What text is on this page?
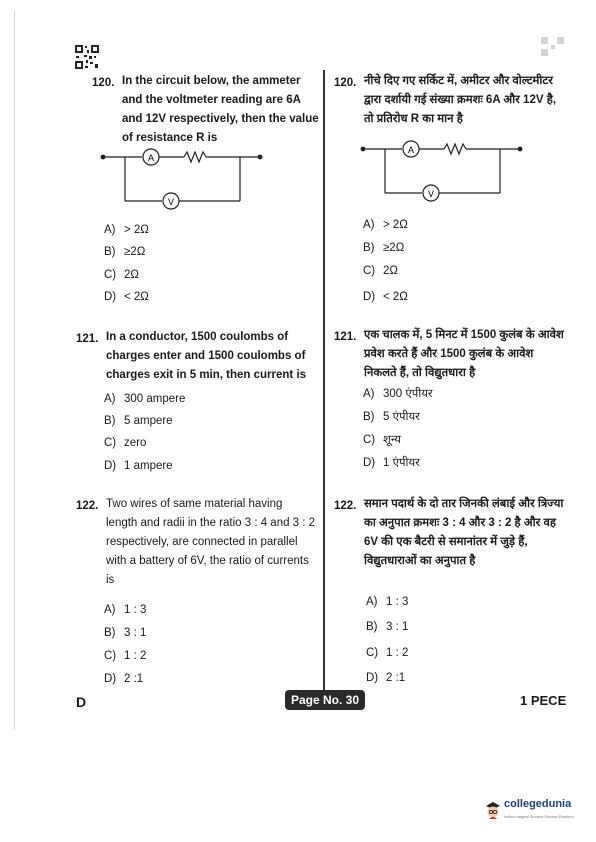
120. In the circuit below, the ammeter and the voltmeter reading are 6A and 12V respectively, then the value of resistance R is
A
V
A) > 2Ω
B) ≥2Ω
C) 2Ω
D) < 2Ω
121. In a conductor, 1500 coulombs of charges enter and 1500 coulombs of charges exit in 5 min, then current is
A) 300 ampere
B) 5 ampere
C) zero
D) 1 ampere
122. Two wires of same material having length and radii in the ratio 3 : 4 and 3 : 2 respectively, are connected in parallel with a battery of 6V, the ratio of currents is
A) 1 : 3
B) 3 : 1
C) 1 : 2
D) 2 :1
120. नीचे दिए गए सर्किट में, अमीटर और वोल्टमीटर द्वारा दर्शायी गई संख्या क्रमशः 6A और 12V है, तो प्रतिरोध R का मान है
A
V
A) > 2Ω
B) ≥2Ω
C) 2Ω
D) < 2Ω
121. एक चालक में, 5 मिनट में 1500 कुलंब के आवेश प्रवेश करते हैं और 1500 कुलंब के आवेश निकलते हैं, तो विद्युतधारा है
A) 300 एंपीयर
B) 5 एंपीयर
C) शून्य
D) 1 एंपीयर
122. समान पदार्थ के दो तार जिनकी लंबाई और त्रिज्या का अनुपात क्रमशः 3 : 4 और 3 : 2 है और वह 6V की एक बैटरी से समानांतर में जुड़े हैं, विद्युतधाराओं का अनुपात है
A) 1 : 3
B) 3 : 1
C) 1 : 2
D) 2 :1
D	Page No. 30	1 PECE
collegedunia
India's largest Student Review Platform
